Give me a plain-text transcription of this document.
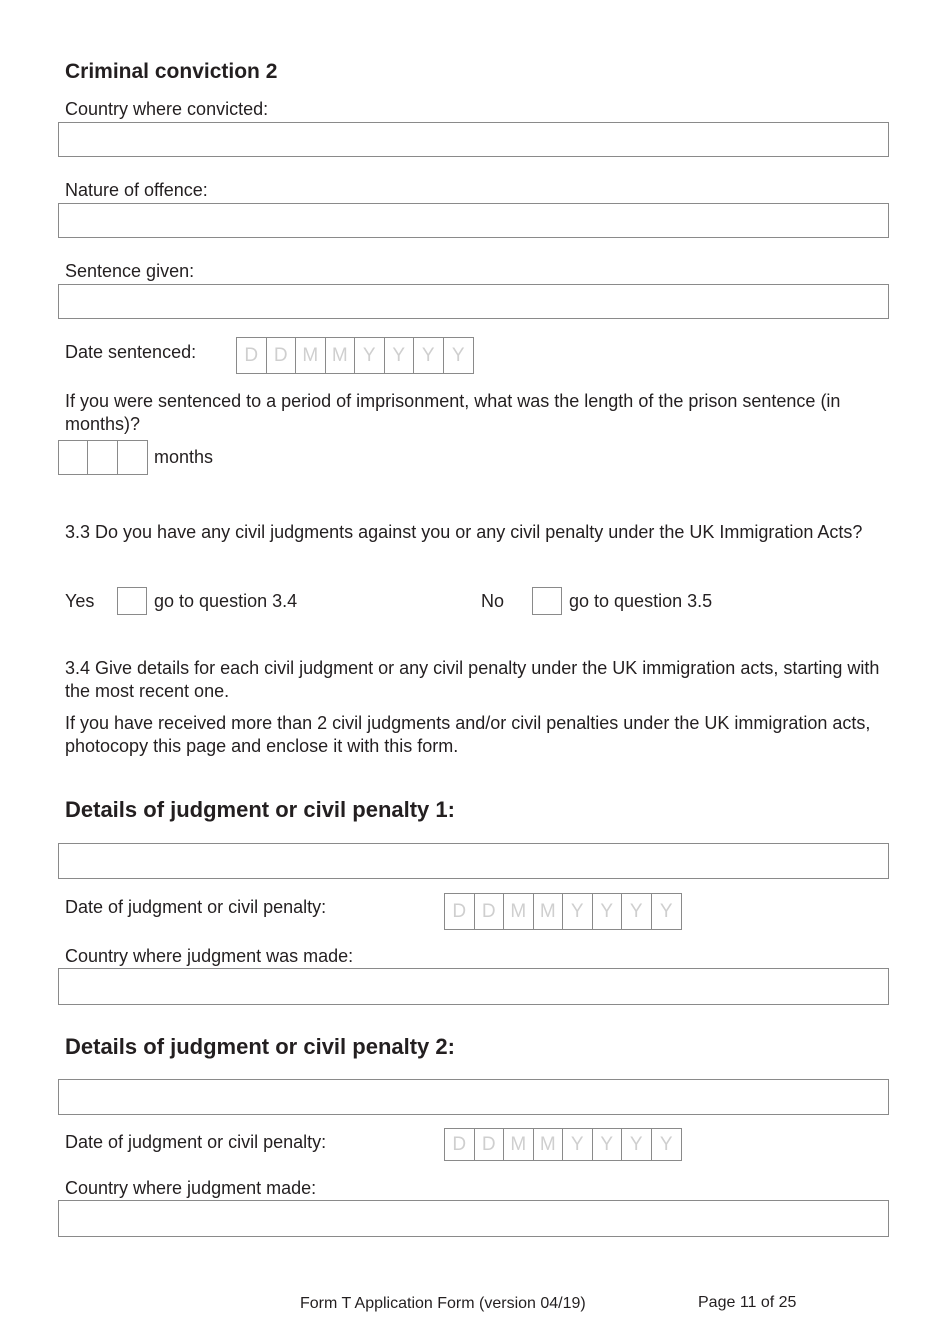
Criminal conviction 2
Country where convicted:
Nature of offence:
Sentence given:
Date sentenced:	D D M M Y Y Y Y
If you were sentenced to a period of imprisonment, what was the length of the prison sentence (in months)?
months
3.3 Do you have any civil judgments against you or any civil penalty under the UK Immigration Acts?
Yes	go to question 3.4	No	go to question 3.5
3.4 Give details for each civil judgment or any civil penalty under the UK immigration acts, starting with the most recent one.
If you have received more than 2 civil judgments and/or civil penalties under the UK immigration acts, photocopy this page and enclose it with this form.
Details of judgment or civil penalty 1:
Date of judgment or civil penalty:	D D M M Y Y Y Y
Country where judgment was made:
Details of judgment or civil penalty 2:
Date of judgment or civil penalty:	D D M M Y Y Y Y
Country where judgment made:
Form T Application Form (version 04/19)	Page 11 of 25
